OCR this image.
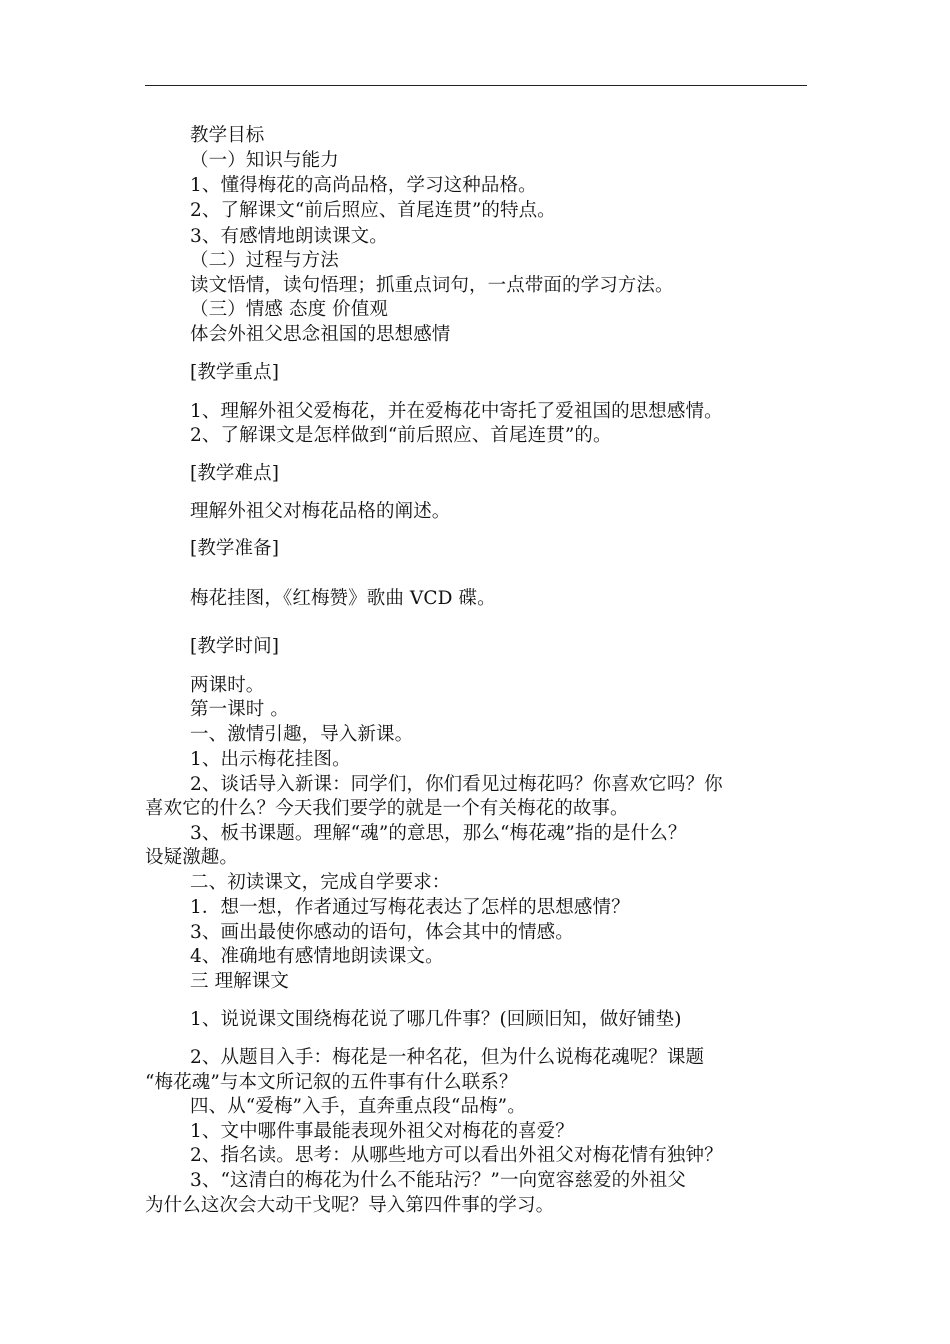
教学目标
（一）知识与能力
1、懂得梅花的高尚品格，学习这种品格。
2、了解课文“前后照应、首尾连贯”的特点。
3、有感情地朗读课文。
（二）过程与方法
读文悟情，读句悟理；抓重点词句，一点带面的学习方法。
（三）情感 态度 价值观
体会外祖父思念祖国的思想感情
[教学重点]
1、理解外祖父爱梅花，并在爱梅花中寄托了爱祖国的思想感情。
2、了解课文是怎样做到“前后照应、首尾连贯”的。
[教学难点]
理解外祖父对梅花品格的阐述。
[教学准备]
梅花挂图，《红梅赞》歌曲 VCD 碟。
[教学时间]
两课时。
第一课时 。
一、激情引趣，导入新课。
1、出示梅花挂图。
2、谈话导入新课：同学们，你们看见过梅花吗？你喜欢它吗？你
喜欢它的什么？今天我们要学的就是一个有关梅花的故事。
3、板书课题。理解“魂”的意思，那么“梅花魂”指的是什么？
设疑激趣。
二、初读课文，完成自学要求：
1．想一想，作者通过写梅花表达了怎样的思想感情？
3、画出最使你感动的语句，体会其中的情感。
4、准确地有感情地朗读课文。
三 理解课文
1、说说课文围绕梅花说了哪几件事？(回顾旧知，做好铺垫)
2、从题目入手：梅花是一种名花，但为什么说梅花魂呢？课题
“梅花魂”与本文所记叙的五件事有什么联系？
四、从“爱梅”入手，直奔重点段“品梅”。
1、文中哪件事最能表现外祖父对梅花的喜爱？
2、指名读。思考：从哪些地方可以看出外祖父对梅花情有独钟？
3、“这清白的梅花为什么不能玷污？”一向宽容慈爱的外祖父
为什么这次会大动干戈呢？导入第四件事的学习。
